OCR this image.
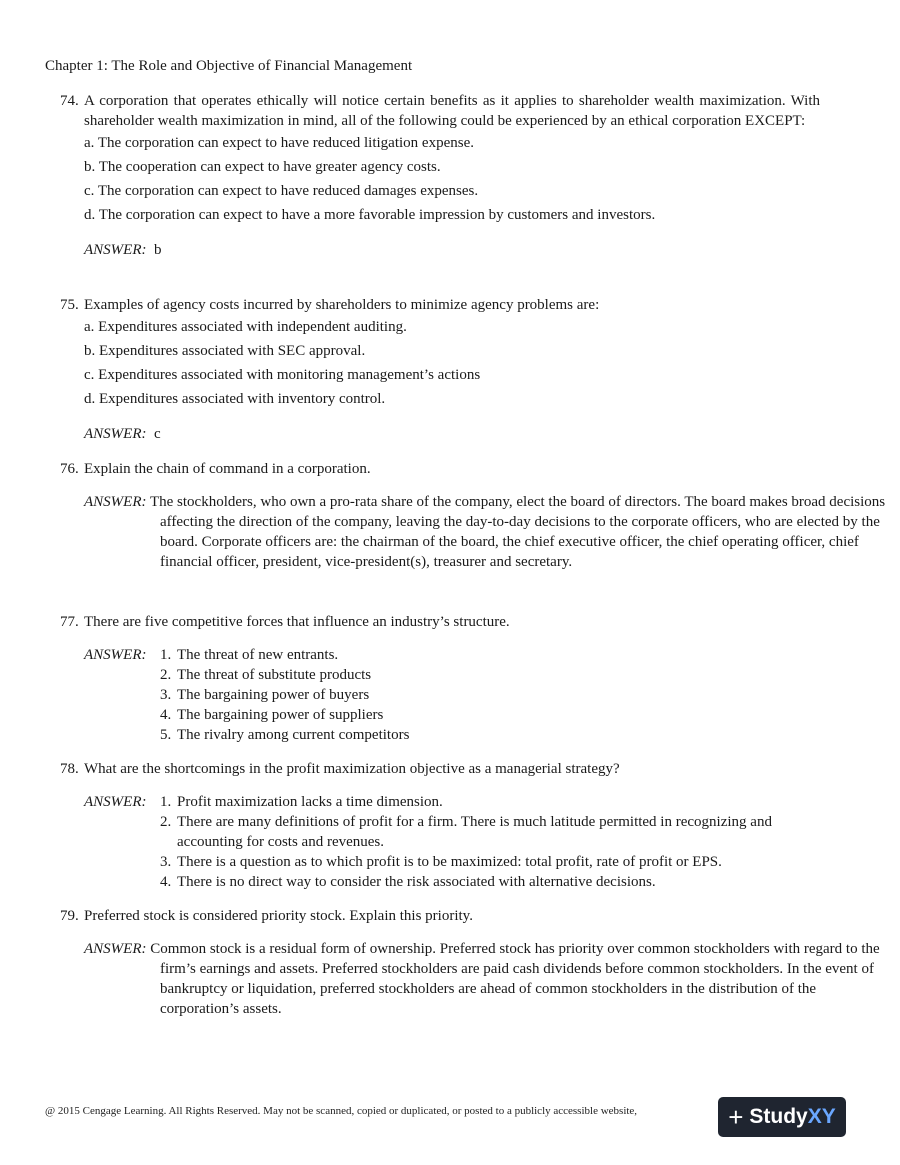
Chapter 1: The Role and Objective of Financial Management
74. A corporation that operates ethically will notice certain benefits as it applies to shareholder wealth maximization. With shareholder wealth maximization in mind, all of the following could be experienced by an ethical corporation EXCEPT:
a. The corporation can expect to have reduced litigation expense.
b. The cooperation can expect to have greater agency costs.
c. The corporation can expect to have reduced damages expenses.
d. The corporation can expect to have a more favorable impression by customers and investors.
ANSWER: b
75. Examples of agency costs incurred by shareholders to minimize agency problems are:
a. Expenditures associated with independent auditing.
b. Expenditures associated with SEC approval.
c. Expenditures associated with monitoring management’s actions
d. Expenditures associated with inventory control.
ANSWER: c
76. Explain the chain of command in a corporation.
ANSWER: The stockholders, who own a pro-rata share of the company, elect the board of directors. The board makes broad decisions affecting the direction of the company, leaving the day-to-day decisions to the corporate officers, who are elected by the board. Corporate officers are: the chairman of the board, the chief executive officer, the chief operating officer, chief financial officer, president, vice-president(s), treasurer and secretary.
77. There are five competitive forces that influence an industry’s structure.
ANSWER: 1. The threat of new entrants.
2. The threat of substitute products
3. The bargaining power of buyers
4. The bargaining power of suppliers
5. The rivalry among current competitors
78. What are the shortcomings in the profit maximization objective as a managerial strategy?
ANSWER: 1. Profit maximization lacks a time dimension.
2. There are many definitions of profit for a firm. There is much latitude permitted in recognizing and accounting for costs and revenues.
3. There is a question as to which profit is to be maximized: total profit, rate of profit or EPS.
4. There is no direct way to consider the risk associated with alternative decisions.
79. Preferred stock is considered priority stock. Explain this priority.
ANSWER: Common stock is a residual form of ownership. Preferred stock has priority over common stockholders with regard to the firm’s earnings and assets. Preferred stockholders are paid cash dividends before common stockholders. In the event of bankruptcy or liquidation, preferred stockholders are ahead of common stockholders in the distribution of the corporation’s assets.
@ 2015 Cengage Learning. All Rights Reserved. May not be scanned, copied or duplicated, or posted to a publicly accessible website,	+ Study XY
